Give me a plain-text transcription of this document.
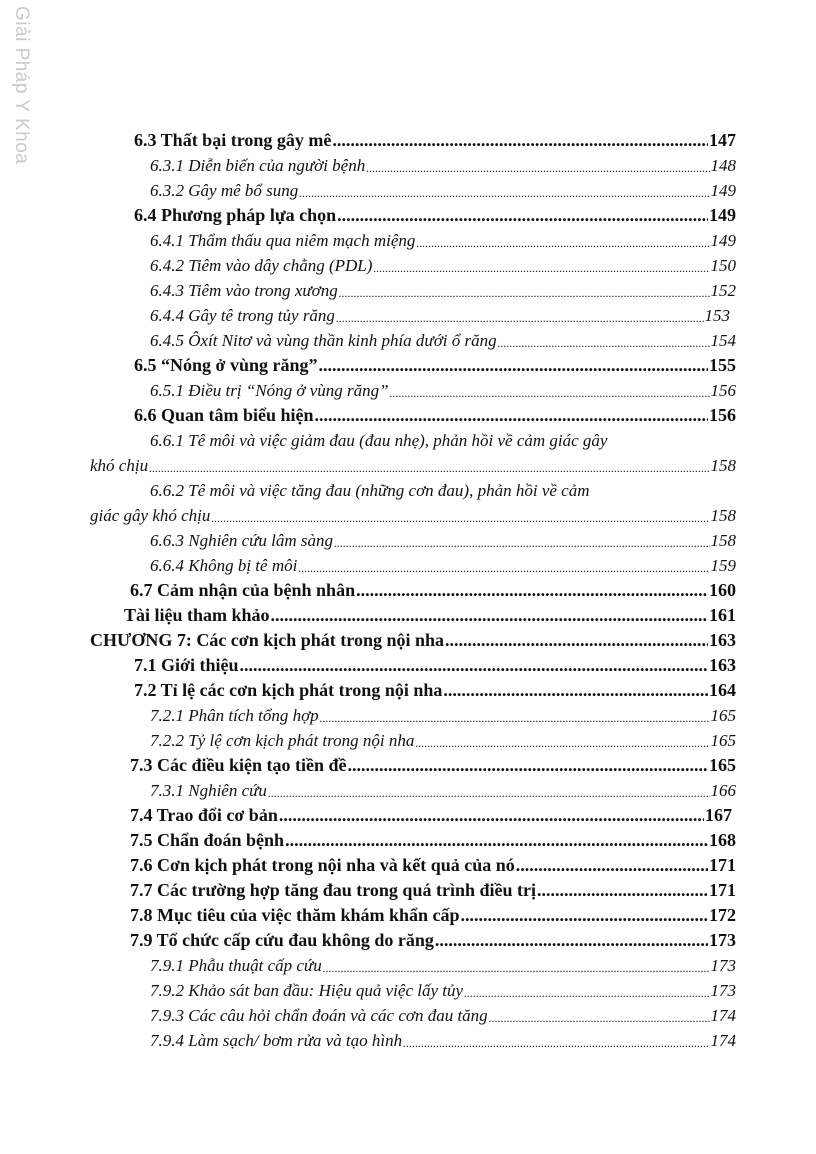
Giải Pháp Y Khoa	6.3 Thất bại trong gây mê .....	147
6.3.1 Diễn biến của người bệnh .....	148
6.3.2 Gây mê bổ sung .....	149
6.4 Phương pháp lựa chọn .....	149
6.4.1 Thẩm thấu qua niêm mạch miệng .....	149
6.4.2 Tiêm vào dây chằng (PDL) .....	150
6.4.3 Tiêm vào trong xương .....	152
6.4.4 Gây tê trong tủy răng .....	153
6.4.5 Ôxít Nitơ và vùng thần kinh phía dưới ổ răng .....	154
6.5 “Nóng ở vùng răng” .....	155
6.5.1 Điều trị “Nóng ở vùng răng” .....	156
6.6 Quan tâm biểu hiện .....	156
6.6.1 Tê môi và việc giảm đau (đau nhẹ), phản hồi về cảm giác gây
khó chịu .....	158
6.6.2 Tê môi và việc tăng đau (những cơn đau), phản hồi về cảm
giác gây khó chịu .....	158
6.6.3 Nghiên cứu lâm sàng .....	158
6.6.4 Không bị tê môi .....	159
6.7 Cảm nhận của bệnh nhân .....	160
Tài liệu tham khảo .....	161
CHƯƠNG 7: Các cơn kịch phát trong nội nha .....	163
7.1 Giới thiệu .....	163
7.2 Tỉ lệ các cơn kịch phát trong nội nha .....	164
7.2.1 Phân tích tổng hợp .....	165
7.2.2 Tỷ lệ cơn kịch phát trong nội nha .....	165
7.3 Các điều kiện tạo tiền đề .....	165
7.3.1 Nghiên cứu .....	166
7.4 Trao đổi cơ bản .....	167
7.5 Chẩn đoán bệnh .....	168
7.6 Cơn kịch phát trong nội nha và kết quả của nó .....	171
7.7 Các trường hợp tăng đau trong quá trình điều trị .....	171
7.8 Mục tiêu của việc thăm khám khẩn cấp .....	172
7.9 Tổ chức cấp cứu đau không do răng .....	173
7.9.1 Phẫu thuật cấp cứu .....	173
7.9.2 Khảo sát ban đầu: Hiệu quả việc lấy tủy .....	173
7.9.3 Các câu hỏi chẩn đoán và các cơn đau tăng .....	174
7.9.4 Làm sạch/ bơm rửa và tạo hình .....	174
